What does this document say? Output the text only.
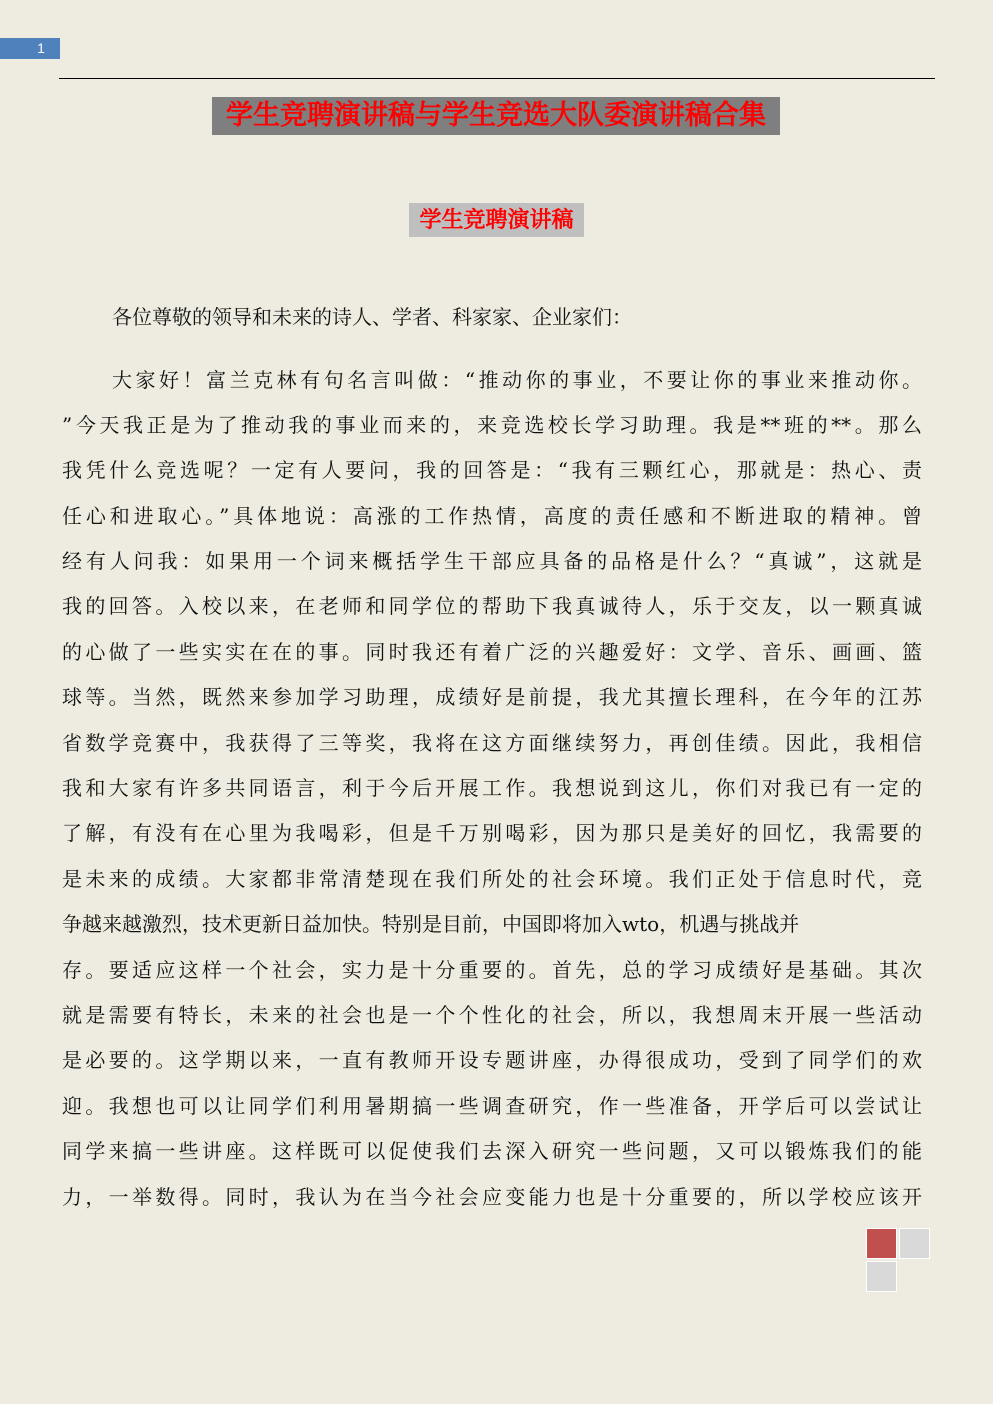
1
学生竞聘演讲稿与学生竞选大队委演讲稿合集
学生竞聘演讲稿
各位尊敬的领导和未来的诗人、学者、科家家、企业家们：
大家好！富兰克林有句名言叫做：“推动你的事业，不要让你的事业来推动你。
”今天我正是为了推动我的事业而来的，来竞选校长学习助理。我是**班的**。那么
我凭什么竞选呢？一定有人要问，我的回答是：“我有三颗红心，那就是：热心、责
任心和进取心。”具体地说：高涨的工作热情，高度的责任感和不断进取的精神。曾
经有人问我：如果用一个词来概括学生干部应具备的品格是什么？“真诚”，这就是
我的回答。入校以来，在老师和同学位的帮助下我真诚待人，乐于交友，以一颗真诚
的心做了一些实实在在的事。同时我还有着广泛的兴趣爱好：文学、音乐、画画、篮
球等。当然，既然来参加学习助理，成绩好是前提，我尤其擅长理科，在今年的江苏
省数学竞赛中，我获得了三等奖，我将在这方面继续努力，再创佳绩。因此，我相信
我和大家有许多共同语言，利于今后开展工作。我想说到这儿，你们对我已有一定的
了解，有没有在心里为我喝彩，但是千万别喝彩，因为那只是美好的回忆，我需要的
是未来的成绩。大家都非常清楚现在我们所处的社会环境。我们正处于信息时代，竞
争越来越激烈，技术更新日益加快。特别是目前，中国即将加入wto，机遇与挑战并
存。要适应这样一个社会，实力是十分重要的。首先，总的学习成绩好是基础。其次
就是需要有特长，未来的社会也是一个个性化的社会，所以，我想周末开展一些活动
是必要的。这学期以来，一直有教师开设专题讲座，办得很成功，受到了同学们的欢
迎。我想也可以让同学们利用暑期搞一些调查研究，作一些准备，开学后可以尝试让
同学来搞一些讲座。这样既可以促使我们去深入研究一些问题，又可以锻炼我们的能
力，一举数得。同时，我认为在当今社会应变能力也是十分重要的，所以学校应该开
